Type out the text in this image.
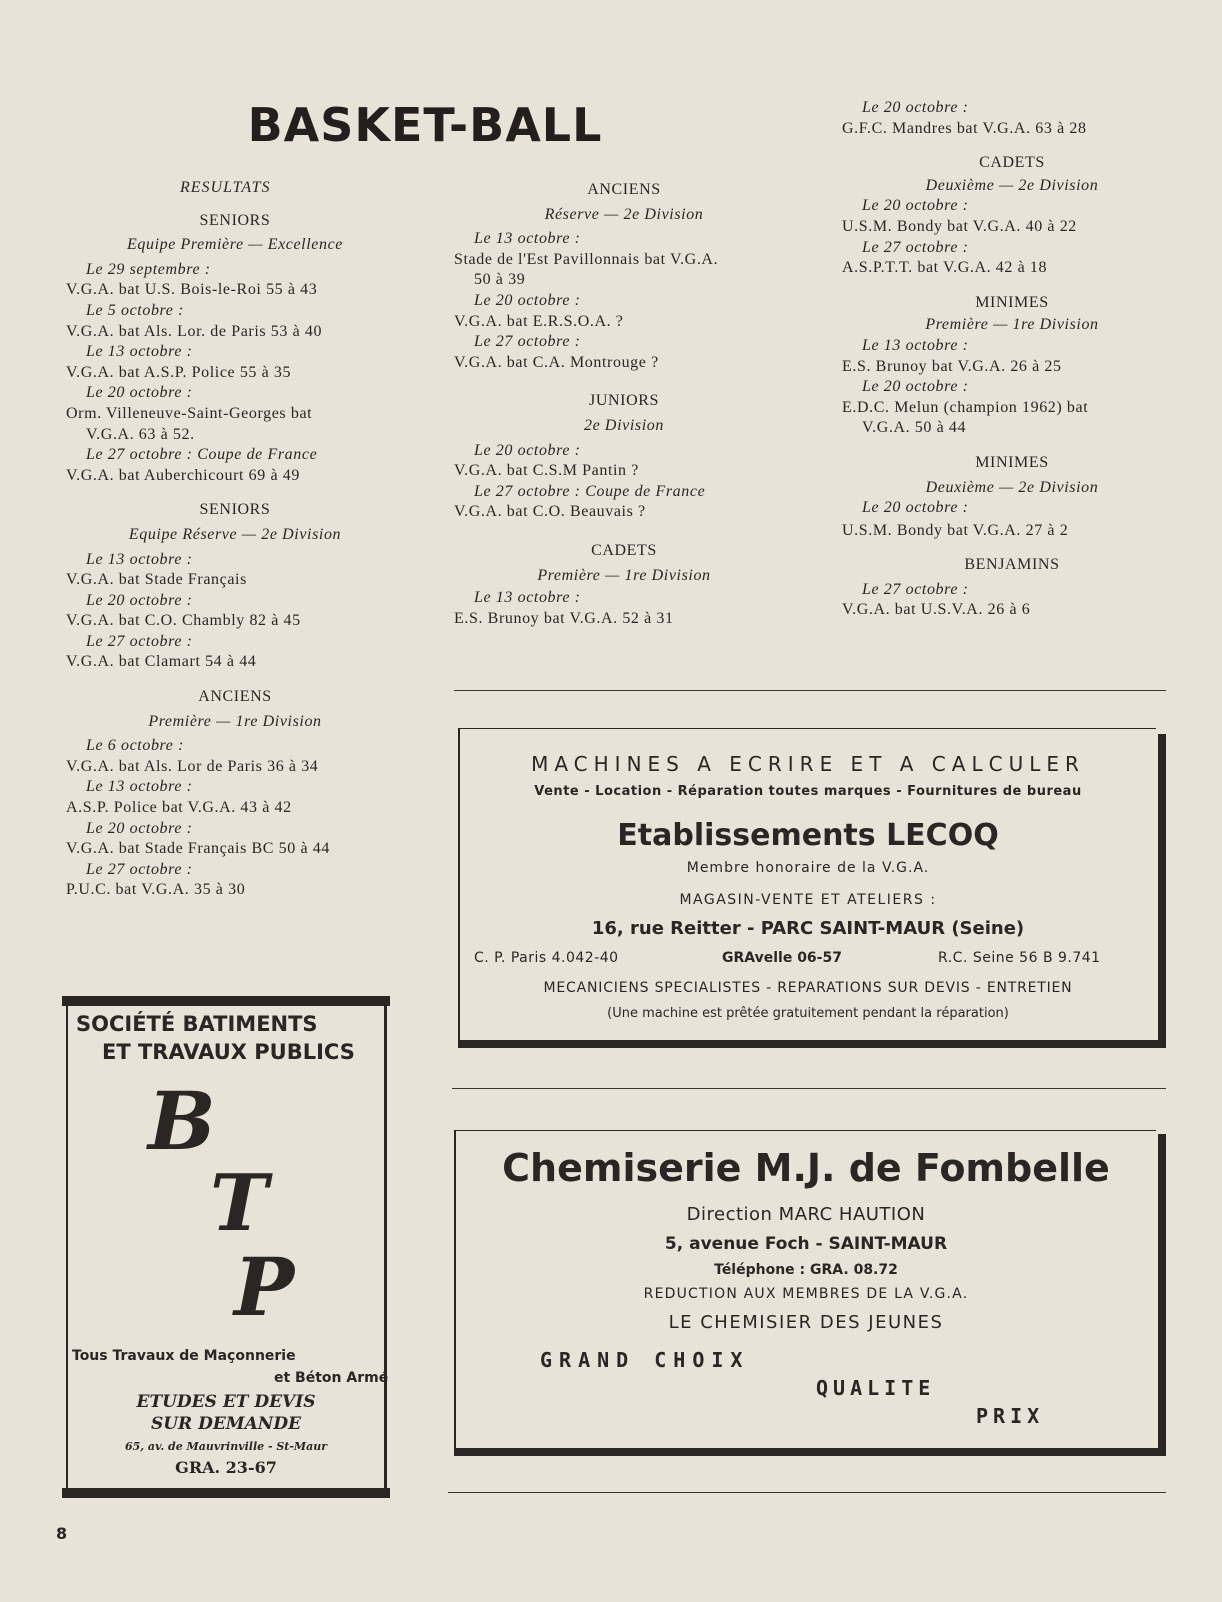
BASKET-BALL
RESULTATS
SENIORS
Equipe Première — Excellence
Le 29 septembre :
V.G.A. bat U.S. Bois-le-Roi 55 à 43
Le 5 octobre :
V.G.A. bat Als. Lor. de Paris 53 à 40
Le 13 octobre :
V.G.A. bat A.S.P. Police 55 à 35
Le 20 octobre :
Orm. Villeneuve-Saint-Georges bat
V.G.A. 63 à 52.
Le 27 octobre : Coupe de France
V.G.A. bat Auberchicourt 69 à 49
SENIORS
Equipe Réserve — 2e Division
Le 13 octobre :
V.G.A. bat Stade Français
Le 20 octobre :
V.G.A. bat C.O. Chambly 82 à 45
Le 27 octobre :
V.G.A. bat Clamart 54 à 44
ANCIENS
Première — 1re Division
Le 6 octobre :
V.G.A. bat Als. Lor de Paris 36 à 34
Le 13 octobre :
A.S.P. Police bat V.G.A. 43 à 42
Le 20 octobre :
V.G.A. bat Stade Français BC 50 à 44
Le 27 octobre :
P.U.C. bat V.G.A. 35 à 30
ANCIENS
Réserve — 2e Division
Le 13 octobre :
Stade de l'Est Pavillonnais bat V.G.A.
50 à 39
Le 20 octobre :
V.G.A. bat E.R.S.O.A. ?
Le 27 octobre :
V.G.A. bat C.A. Montrouge ?
JUNIORS
2e Division
Le 20 octobre :
V.G.A. bat C.S.M Pantin ?
Le 27 octobre : Coupe de France
V.G.A. bat C.O. Beauvais ?
CADETS
Première — 1re Division
Le 13 octobre :
E.S. Brunoy bat V.G.A. 52 à 31
Le 20 octobre :
G.F.C. Mandres bat V.G.A. 63 à 28
CADETS
Deuxième — 2e Division
Le 20 octobre :
U.S.M. Bondy bat V.G.A. 40 à 22
Le 27 octobre :
A.S.P.T.T. bat V.G.A. 42 à 18
MINIMES
Première — 1re Division
Le 13 octobre :
E.S. Brunoy bat V.G.A. 26 à 25
Le 20 octobre :
E.D.C. Melun (champion 1962) bat
V.G.A. 50 à 44
MINIMES
Deuxième — 2e Division
Le 20 octobre :
U.S.M. Bondy bat V.G.A. 27 à 2
BENJAMINS
Le 27 octobre :
V.G.A. bat U.S.V.A. 26 à 6
MACHINES A ECRIRE ET A CALCULER
Vente - Location - Réparation toutes marques - Fournitures de bureau
Etablissements LECOQ
Membre honoraire de la V.G.A.
MAGASIN-VENTE ET ATELIERS :
16, rue Reitter - PARC SAINT-MAUR (Seine)
C. P. Paris 4.042-40	GRAvelle 06-57	R.C. Seine 56 B 9.741
MECANICIENS SPECIALISTES - REPARATIONS SUR DEVIS - ENTRETIEN
(Une machine est prêtée gratuitement pendant la réparation)
Chemiserie M.J. de Fombelle
Direction MARC HAUTION
5, avenue Foch - SAINT-MAUR
Téléphone : GRA. 08.72
REDUCTION AUX MEMBRES DE LA V.G.A.
LE CHEMISIER DES JEUNES
GRAND CHOIX
QUALITE
PRIX
SOCIÉTÉ BATIMENTS
ET TRAVAUX PUBLICS
B
T
P
Tous Travaux de Maçonnerie
et Béton Armé
ETUDES ET DEVIS
SUR DEMANDE
65, av. de Mauvrinville - St-Maur
GRA. 23-67
8
